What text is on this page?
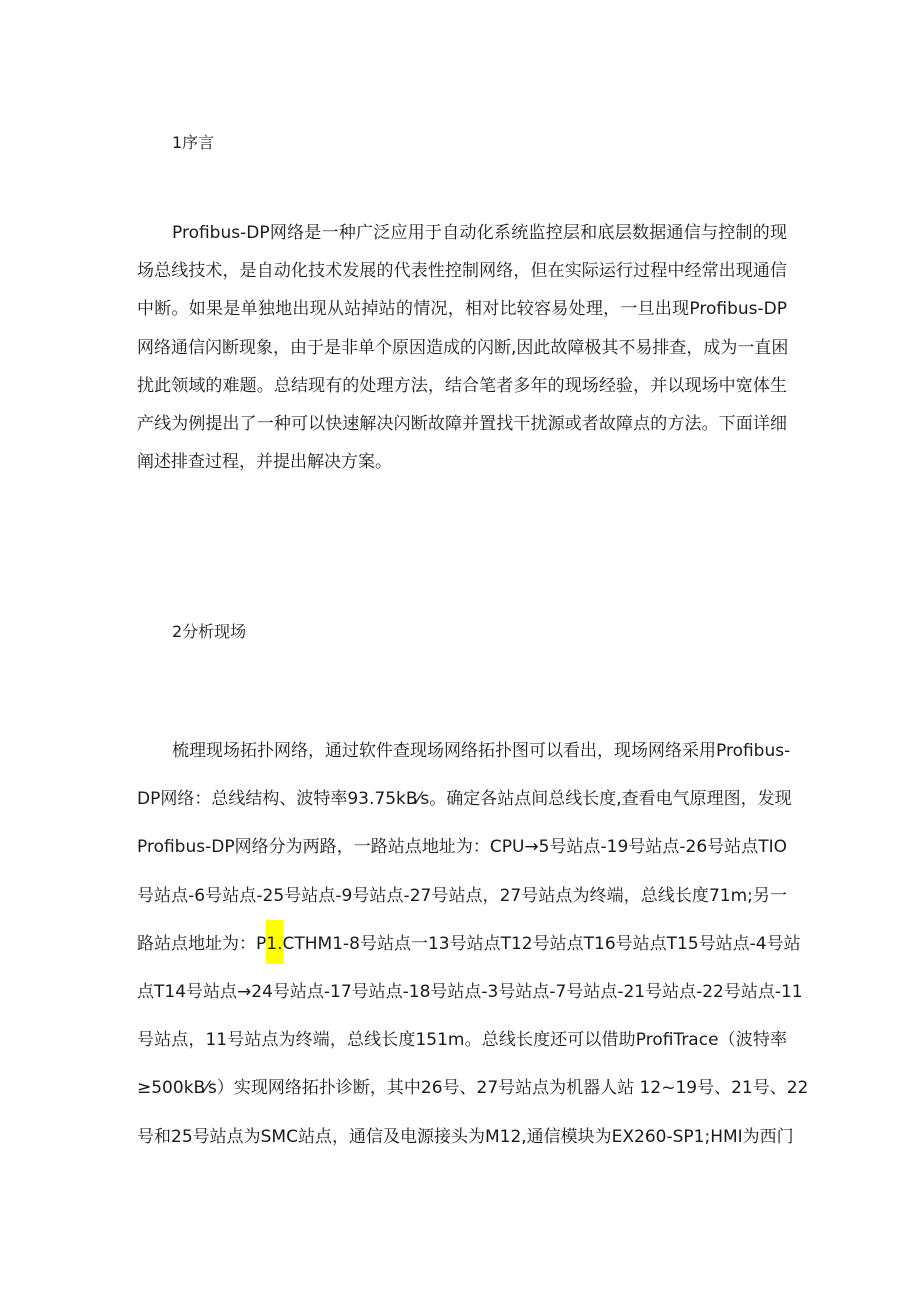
1序言
Profibus-DP网络是一种广泛应用于自动化系统监控层和底层数据通信与控制的现
场总线技术，是自动化技术发展的代表性控制网络，但在实际运行过程中经常出现通信
中断。如果是单独地出现从站掉站的情况，相对比较容易处理，一旦出现Profibus-DP
网络通信闪断现象，由于是非单个原因造成的闪断,因此故障极其不易排查，成为一直困
扰此领域的难题。总结现有的处理方法，结合笔者多年的现场经验，并以现场中宽体生
产线为例提出了一种可以快速解决闪断故障并置找干扰源或者故障点的方法。下面详细
阐述排查过程，并提出解决方案。
2分析现场
梳理现场拓扑网络，通过软件查现场网络拓扑图可以看出，现场网络采用Profibus-
DP网络：总线结构、波特率93.75kB⁄s。确定各站点间总线长度,查看电气原理图，发现
Profibus-DP网络分为两路，一路站点地址为：CPU→5号站点-19号站点-26号站点TIO
号站点-6号站点-25号站点-9号站点-27号站点，27号站点为终端，总线长度71m;另一
路站点地址为：P1.CTHM1-8号站点一13号站点T12号站点T16号站点T15号站点-4号站
点T14号站点→24号站点-17号站点-18号站点-3号站点-7号站点-21号站点-22号站点-11
号站点，11号站点为终端，总线长度151m。总线长度还可以借助ProfiTrace（波特率
≥500kB⁄s）实现网络拓扑诊断，其中26号、27号站点为机器人站 12~19号、21号、22
号和25号站点为SMC站点，通信及电源接头为M12,通信模块为EX260-SP1;HMI为西门
